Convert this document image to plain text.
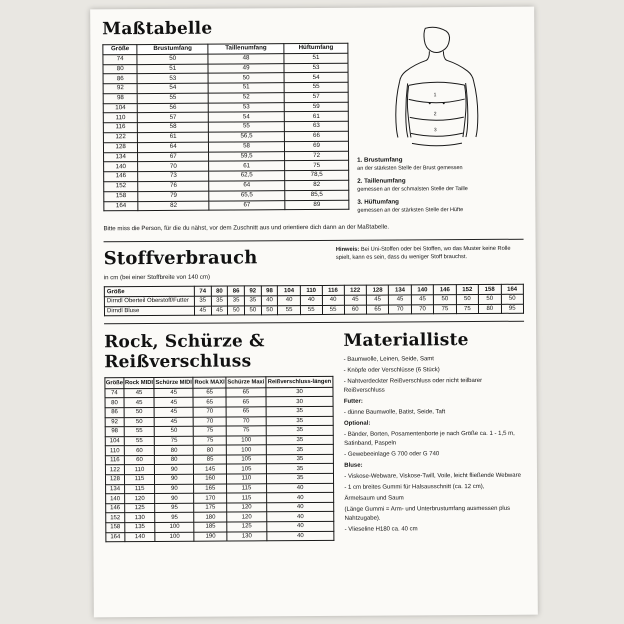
Maßtabelle
Größe	Brustumfang	Taillenumfang	Hüftumfang
74	50	48	51
80	51	49	53
86	53	50	54
92	54	51	55
98	55	52	57
104	56	53	59
110	57	54	61
116	58	55	63
122	61	56,5	66
128	64	58	69
134	67	59,5	72
140	70	61	75
146	73	62,5	78,5
152	76	64	82
158	79	65,5	85,5
164	82	67	89
1
2
3
1. Brustumfang
an der stärksten Stelle der Brust gemessen
2. Taillenumfang
gemessen an der schmalsten Stelle der Taille
3. Hüftumfang
gemessen an der stärksten Stelle der Hüfte
Bitte miss die Person, für die du nähst, vor dem Zuschnitt aus und orientiere dich dann an der Maßtabelle.
Stoffverbrauch
in cm (bei einer Stoffbreite von 140 cm)
Hinweis: Bei Uni-Stoffen oder bei Stoffen, wo das Muster keine Rolle spielt, kann es sein, dass du weniger Stoff brauchst.
Größe	74	80	86	92	98	104	110	116	122	128	134	140	146	152	158	164
Dirndl Oberteil Oberstoff/Futter	35	35	35	35	40	40	40	40	45	45	45	45	50	50	50	50
Dirndl Bluse	45	45	50	50	50	55	55	55	60	65	70	70	75	75	80	95
Rock, Schürze & Reißverschluss
Größe	Rock MIDI	Schürze MIDI	Rock MAXI	Schürze Maxi	Reißverschluss-längen
74	45	45	65	65	30
80	45	45	65	65	30
86	50	45	70	65	35
92	50	45	70	70	35
98	55	50	75	75	35
104	55	75	75	100	35
110	60	80	80	100	35
116	60	80	85	105	35
122	110	90	145	105	35
128	115	90	160	110	35
134	115	90	165	115	40
140	120	90	170	115	40
146	125	95	175	120	40
152	130	95	180	120	40
158	135	100	185	125	40
164	140	100	190	130	40
Materialliste

- Baumwolle, Leinen, Seide, Samt

- Knöpfe oder Verschlüsse (6 Stück)

- Nahtverdeckter Reißverschluss oder nicht teilbarer Reißverschluss

Futter:

- dünne Baumwolle, Batist, Seide, Taft

Optional:

- Bänder, Borten, Posamentenborte je nach Größe ca. 1 - 1,5 m, Satinband, Paspeln

- Gewebeeinlage G 700 oder G 740

Bluse:

- Viskose-Webware, Viskose-Twill, Voile, leicht fließende Webware

- 1 cm breites Gummi für Halsausschnitt (ca. 12 cm),

Ärmelsaum und Saum

(Länge Gummi = Arm- und Unterbrustumfang ausmessen plus Nahtzugabe).

- Vlieseline H180 ca. 40 cm
